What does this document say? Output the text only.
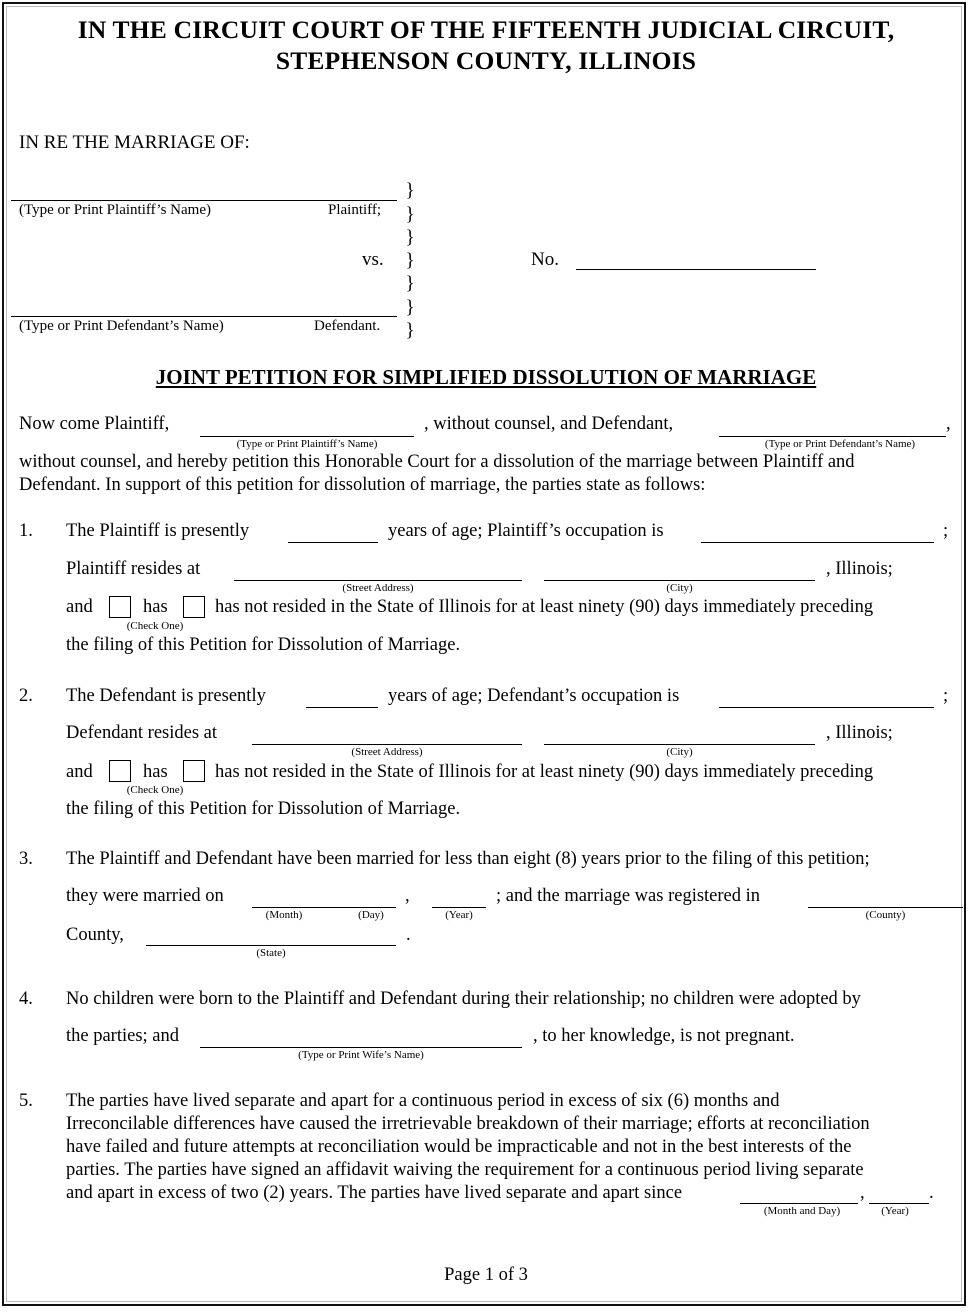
IN THE CIRCUIT COURT OF THE FIFTEENTH JUDICIAL CIRCUIT,
STEPHENSON COUNTY, ILLINOIS
IN RE THE MARRIAGE OF:
(Type or Print Plaintiff’s Name)	Plaintiff;
vs.	No.
(Type or Print Defendant’s Name)	Defendant.
}
}
}
}
}
}
}
JOINT PETITION FOR SIMPLIFIED DISSOLUTION OF MARRIAGE
Now come Plaintiff,
(Type or Print Plaintiff’s Name)
, without counsel, and Defendant,
(Type or Print Defendant’s Name)
,
without counsel, and hereby petition this Honorable Court for a dissolution of the marriage between Plaintiff and
Defendant. In support of this petition for dissolution of marriage, the parties state as follows:
1. The Plaintiff is presently	years of age; Plaintiff’s occupation is	;
Plaintiff resides at
(Street Address)	(City)
, Illinois;
and	has	has not resided in the State of Illinois for at least ninety (90) days immediately preceding
(Check One)
the filing of this Petition for Dissolution of Marriage.
2. The Defendant is presently	years of age; Defendant’s occupation is	;
Defendant resides at
(Street Address)	(City)
, Illinois;
and	has	has not resided in the State of Illinois for at least ninety (90) days immediately preceding
(Check One)
the filing of this Petition for Dissolution of Marriage.
3. The Plaintiff and Defendant have been married for less than eight (8) years prior to the filing of this petition;
they were married on
(Month)	(Day)
,
(Year)
; and the marriage was registered in
(County)
County,
(State)
.
4. No children were born to the Plaintiff and Defendant during their relationship; no children were adopted by
the parties; and
(Type or Print Wife’s Name)
, to her knowledge, is not pregnant.
5. The parties have lived separate and apart for a continuous period in excess of six (6) months and
Irreconcilable differences have caused the irretrievable breakdown of their marriage; efforts at reconciliation
have failed and future attempts at reconciliation would be impracticable and not in the best interests of the
parties. The parties have signed an affidavit waiving the requirement for a continuous period living separate
and apart in excess of two (2) years. The parties have lived separate and apart since
(Month and Day)
,
(Year)
.
Page 1 of 3
